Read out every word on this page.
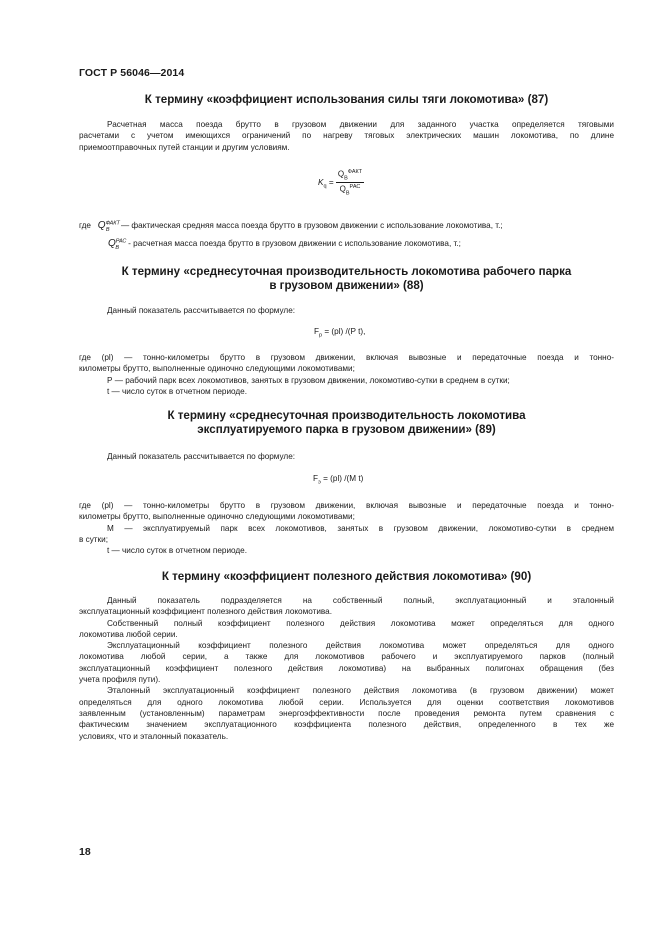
ГОСТ Р 56046—2014
К термину «коэффициент использования силы тяги локомотива» (87)
Расчетная масса поезда брутто в грузовом движении для заданного участка определяется тяговыми
расчетами с учетом имеющихся ограничений по нагреву тяговых электрических машин локомотива, по длине
приемоотправочных путей станции и другим условиям.
$K_q = \frac{Q_B^{ФАКТ}}{Q_B^{РАС}}$
где $Q^{ФАКТ}_B$ — фактическая средняя масса поезда брутто в грузовом движении с использование локомотива, т.;
$Q^{РАС}_B$ - расчетная масса поезда брутто в грузовом движении с использование локомотива, т.;
К термину «среднесуточная производительность локомотива рабочего парка
в грузовом движении» (88)
Данный показатель рассчитывается по формуле:
$F_р = (pl)$ /(P t),
где (pl) — тонно-километры брутто в грузовом движении, включая вывозные и передаточные поезда и тонно-
километры брутто, выполненные одиночно следующими локомотивами;
Р — рабочий парк всех локомотивов, занятых в грузовом движении, локомотиво-сутки в среднем в сутки;
t — число суток в отчетном периоде.
К термину «среднесуточная производительность локомотива
эксплуатируемого парка в грузовом движении» (89)
Данный показатель рассчитывается по формуле:
$F_э = (pl)$ /(M t)
где (pl) — тонно-километры брутто в грузовом движении, включая вывозные и передаточные поезда и тонно-
километры брутто, выполненные одиночно следующими локомотивами;
М — эксплуатируемый парк всех локомотивов, занятых в грузовом движении, локомотиво-сутки в среднем
в сутки;
t — число суток в отчетном периоде.
К термину «коэффициент полезного действия локомотива» (90)
Данный показатель подразделяется на собственный полный, эксплуатационный и эталонный
эксплуатационный коэффициент полезного действия локомотива.
Собственный полный коэффициент полезного действия локомотива может определяться для одного
локомотива любой серии.
Эксплуатационный коэффициент полезного действия локомотива может определяться для одного
локомотива любой серии, а также для локомотивов рабочего и эксплуатируемого парков (полный
эксплуатационный коэффициент полезного действия локомотива) на выбранных полигонах обращения (без
учета профиля пути).
Эталонный эксплуатационный коэффициент полезного действия локомотива (в грузовом движении) может
определяться для одного локомотива любой серии. Используется для оценки соответствия локомотивов
заявленным (установленным) параметрам энергоэффективности после проведения ремонта путем сравнения с
фактическим значением эксплуатационного коэффициента полезного действия, определенного в тех же
условиях, что и эталонный показатель.
18
